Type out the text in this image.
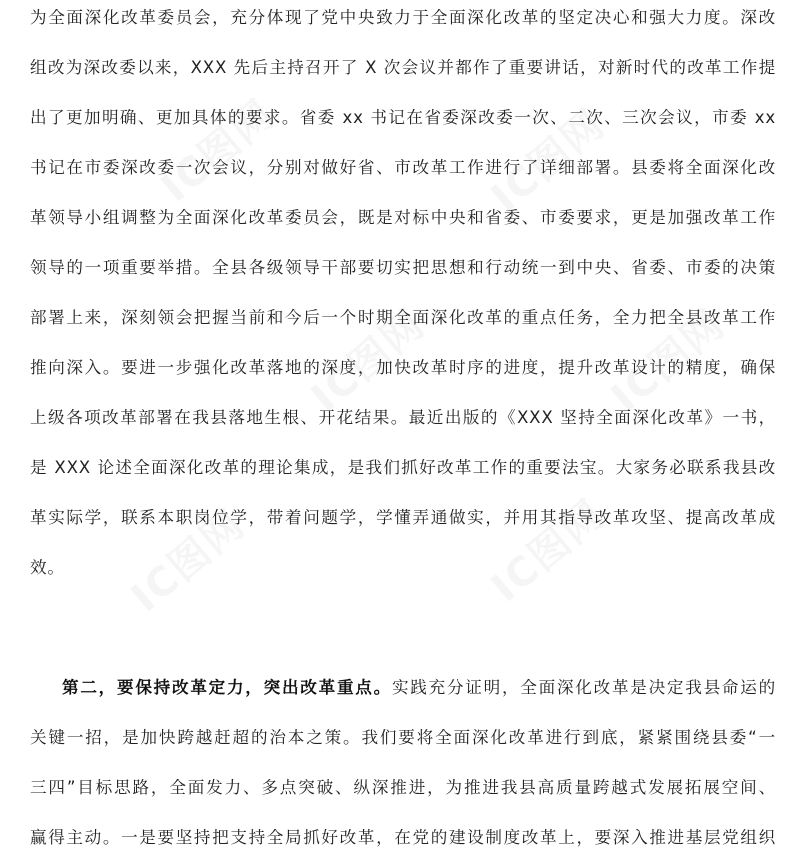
IC图网	IC图网
IC图网	IC图网
IC图网	IC图网
为全面深化改革委员会，充分体现了党中央致力于全面深化改革的坚定决心和强大力度。深改
组改为深改委以来，XXX 先后主持召开了 X 次会议并都作了重要讲话，对新时代的改革工作提
出了更加明确、更加具体的要求。省委 xx 书记在省委深改委一次、二次、三次会议，市委 xx
书记在市委深改委一次会议，分别对做好省、市改革工作进行了详细部署。县委将全面深化改
革领导小组调整为全面深化改革委员会，既是对标中央和省委、市委要求，更是加强改革工作
领导的一项重要举措。全县各级领导干部要切实把思想和行动统一到中央、省委、市委的决策
部署上来，深刻领会把握当前和今后一个时期全面深化改革的重点任务，全力把全县改革工作
推向深入。要进一步强化改革落地的深度，加快改革时序的进度，提升改革设计的精度，确保
上级各项改革部署在我县落地生根、开花结果。最近出版的《XXX 坚持全面深化改革》一书，
是 XXX 论述全面深化改革的理论集成，是我们抓好改革工作的重要法宝。大家务必联系我县改
革实际学，联系本职岗位学，带着问题学，学懂弄通做实，并用其指导改革攻坚、提高改革成
效。
第二，要保持改革定力，突出改革重点。实践充分证明，全面深化改革是决定我县命运的
关键一招，是加快跨越赶超的治本之策。我们要将全面深化改革进行到底，紧紧围绕县委“一
三四”目标思路，全面发力、多点突破、纵深推进，为推进我县高质量跨越式发展拓展空间、
赢得主动。一是要坚持把支持全局抓好改革，在党的建设制度改革上，要深入推进基层党组织
